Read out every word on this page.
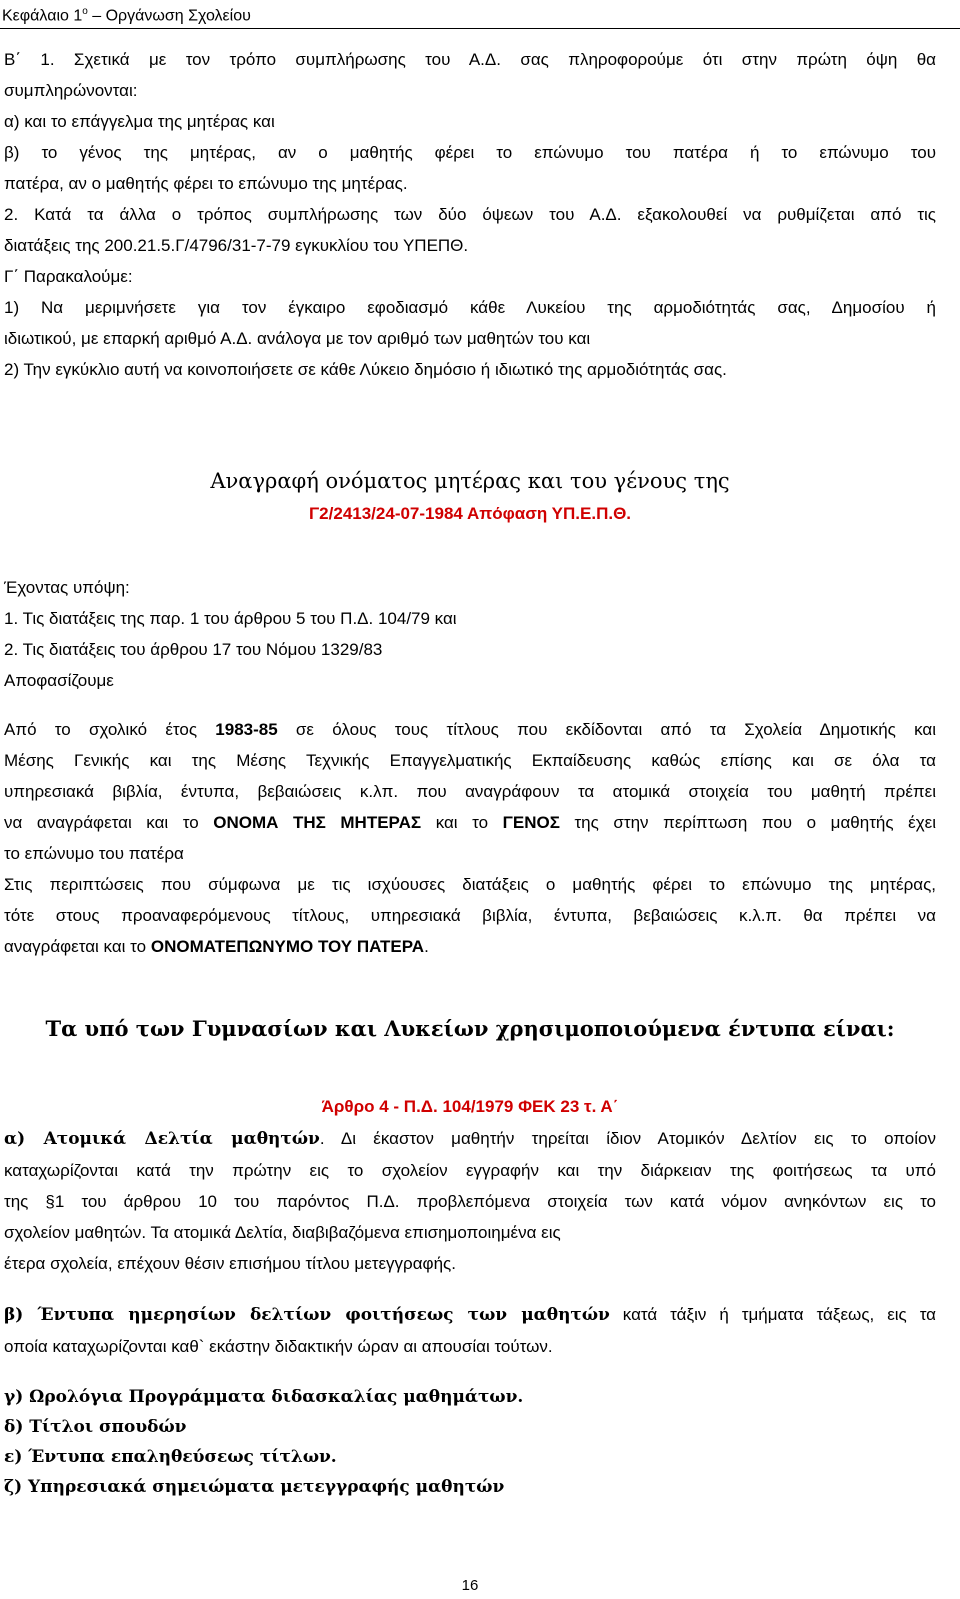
Κεφάλαιο $1^o$ – Οργάνωση Σχολείου
Β΄ 1. Σχετικά με τον τρόπο συμπλήρωσης του Α.Δ. σας πληροφορούμε ότι στην πρώτη όψη θα
συμπληρώνονται:
α) και το επάγγελμα της μητέρας και
β) το γένος της μητέρας, αν ο μαθητής φέρει το επώνυμο του πατέρα ή το επώνυμο του
πατέρα, αν ο μαθητής φέρει το επώνυμο της μητέρας.
2. Κατά τα άλλα ο τρόπος συμπλήρωσης των δύο όψεων του Α.Δ. εξακολουθεί να ρυθμίζεται από τις
διατάξεις της 200.21.5.Γ/4796/31-7-79 εγκυκλίου του ΥΠΕΠΘ.
Γ΄ Παρακαλούμε:
1) Να μεριμνήσετε για τον έγκαιρο εφοδιασμό κάθε Λυκείου της αρμοδιότητάς σας, Δημοσίου ή
ιδιωτικού, με επαρκή αριθμό Α.Δ. ανάλογα με τον αριθμό των μαθητών του και
2) Την εγκύκλιο αυτή να κοινοποιήσετε σε κάθε Λύκειο δημόσιο ή ιδιωτικό της αρμοδιότητάς σας.
Αναγραφή ονόματος μητέρας και του γένους της
Γ2/2413/24-07-1984 Απόφαση ΥΠ.Ε.Π.Θ.
Έχοντας υπόψη:
1. Τις διατάξεις της παρ. 1 του άρθρου 5 του Π.Δ. 104/79 και
2. Τις διατάξεις του άρθρου 17 του Νόμου 1329/83
Αποφασίζουμε
Από το σχολικό έτος 1983-85 σε όλους τους τίτλους που εκδίδονται από τα Σχολεία Δημοτικής και
Μέσης Γενικής και της Μέσης Τεχνικής Επαγγελματικής Εκπαίδευσης καθώς επίσης και σε όλα τα
υπηρεσιακά βιβλία, έντυπα, βεβαιώσεις κ.λπ. που αναγράφουν τα ατομικά στοιχεία του μαθητή πρέπει
να αναγράφεται και το ΟΝΟΜΑ ΤΗΣ ΜΗΤΕΡΑΣ και το ΓΕΝΟΣ της στην περίπτωση που ο μαθητής έχει
το επώνυμο του πατέρα
Στις περιπτώσεις που σύμφωνα με τις ισχύουσες διατάξεις ο μαθητής φέρει το επώνυμο της μητέρας,
τότε στους προαναφερόμενους τίτλους, υπηρεσιακά βιβλία, έντυπα, βεβαιώσεις κ.λ.π. θα πρέπει να
αναγράφεται και το ΟΝΟΜΑΤΕΠΩΝΥΜΟ ΤΟΥ ΠΑΤΕΡΑ.
Τα υπό των Γυμνασίων και Λυκείων χρησιμοποιούμενα έντυπα είναι:
Άρθρο 4 - Π.Δ. 104/1979 ΦΕΚ 23 τ. Α΄
α) Ατομικά Δελτία μαθητών. Δι έκαστον μαθητήν τηρείται ίδιον Ατομικόν Δελτίον εις το οποίον
καταχωρίζονται κατά την πρώτην εις το σχολείον εγγραφήν και την διάρκειαν της φοιτήσεως τα υπό
της §1 του άρθρου 10 του παρόντος Π.Δ. προβλεπόμενα στοιχεία των κατά νόμον ανηκόντων εις το
σχολείον μαθητών. Τα ατομικά Δελτία, διαβιβαζόμενα επισημοποιημένα εις
έτερα σχολεία, επέχουν θέσιν επισήμου τίτλου μετεγγραφής.
β) Έντυπα ημερησίων δελτίων φοιτήσεως των μαθητών κατά τάξιν ή τμήματα τάξεως, εις τα
οποία καταχωρίζονται καθ` εκάστην διδακτικήν ώραν αι απουσίαι τούτων.
γ) Ωρολόγια Προγράμματα διδασκαλίας μαθημάτων.
δ) Τίτλοι σπουδών
ε) Έντυπα επαληθεύσεως τίτλων.
ζ) Υπηρεσιακά σημειώματα μετεγγραφής μαθητών
16
